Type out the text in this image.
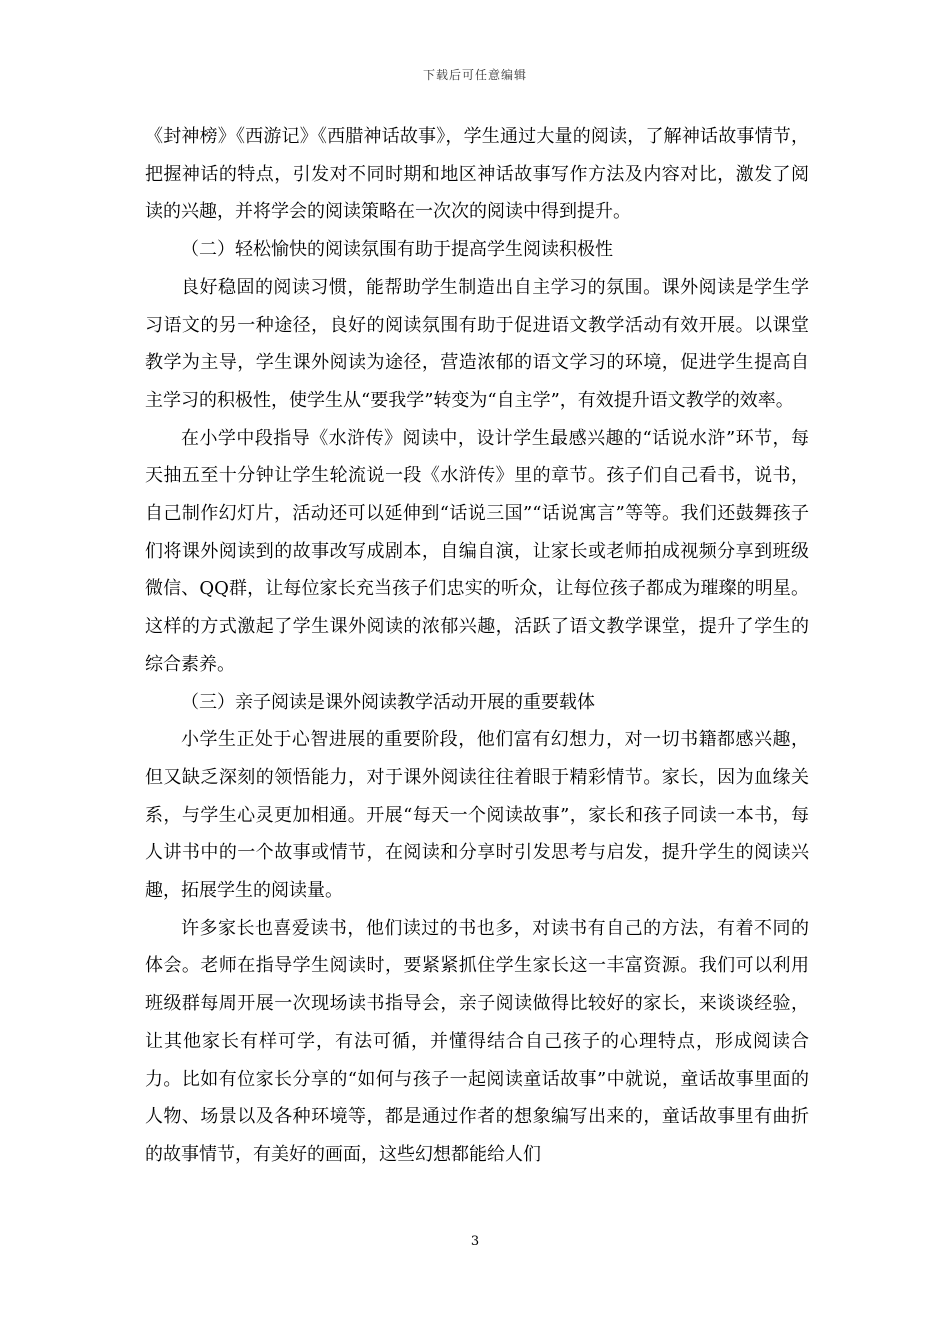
下载后可任意编辑

《封神榜》《西游记》《西腊神话故事》，学生通过大量的阅读，了解神话故事情节，把握神话的特点，引发对不同时期和地区神话故事写作方法及内容对比，激发了阅读的兴趣，并将学会的阅读策略在一次次的阅读中得到提升。

（二）轻松愉快的阅读氛围有助于提高学生阅读积极性

良好稳固的阅读习惯，能帮助学生制造出自主学习的氛围。课外阅读是学生学习语文的另一种途径，良好的阅读氛围有助于促进语文教学活动有效开展。以课堂教学为主导，学生课外阅读为途径，营造浓郁的语文学习的环境，促进学生提高自主学习的积极性，使学生从“要我学”转变为“自主学”，有效提升语文教学的效率。

在小学中段指导《水浒传》阅读中，设计学生最感兴趣的“话说水浒”环节，每天抽五至十分钟让学生轮流说一段《水浒传》里的章节。孩子们自己看书，说书，自己制作幻灯片，活动还可以延伸到“话说三国”“话说寓言”等等。我们还鼓舞孩子们将课外阅读到的故事改写成剧本，自编自演，让家长或老师拍成视频分享到班级微信、QQ群，让每位家长充当孩子们忠实的听众，让每位孩子都成为璀璨的明星。这样的方式激起了学生课外阅读的浓郁兴趣，活跃了语文教学课堂，提升了学生的综合素养。

（三）亲子阅读是课外阅读教学活动开展的重要载体

小学生正处于心智进展的重要阶段，他们富有幻想力，对一切书籍都感兴趣，但又缺乏深刻的领悟能力，对于课外阅读往往着眼于精彩情节。家长，因为血缘关系，与学生心灵更加相通。开展“每天一个阅读故事”，家长和孩子同读一本书，每人讲书中的一个故事或情节，在阅读和分享时引发思考与启发，提升学生的阅读兴趣，拓展学生的阅读量。

许多家长也喜爱读书，他们读过的书也多，对读书有自己的方法，有着不同的体会。老师在指导学生阅读时，要紧紧抓住学生家长这一丰富资源。我们可以利用班级群每周开展一次现场读书指导会，亲子阅读做得比较好的家长，来谈谈经验，让其他家长有样可学，有法可循，并懂得结合自己孩子的心理特点，形成阅读合力。比如有位家长分享的“如何与孩子一起阅读童话故事”中就说，童话故事里面的人物、场景以及各种环境等，都是通过作者的想象编写出来的，童话故事里有曲折的故事情节，有美好的画面，这些幻想都能给人们

3
